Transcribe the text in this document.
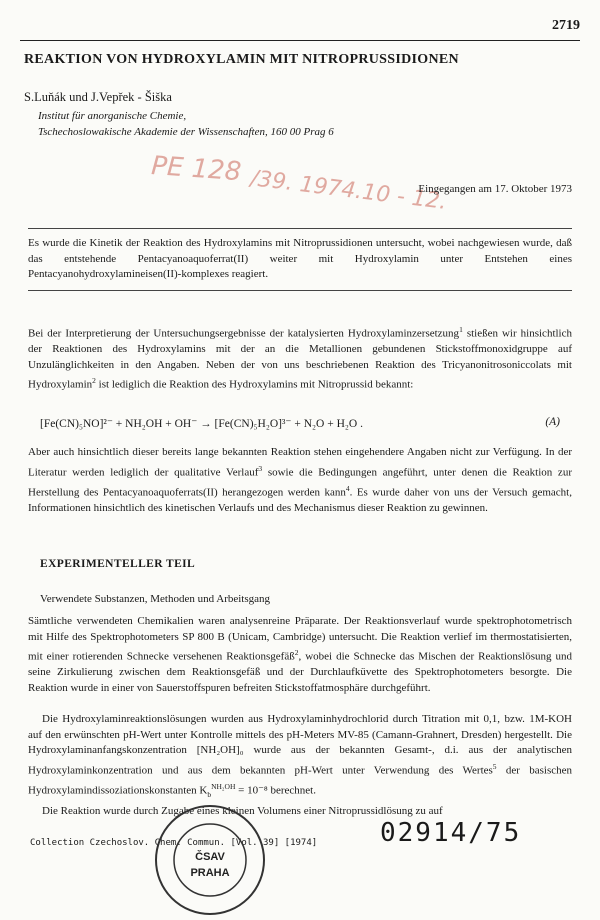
2719
REAKTION VON HYDROXYLAMIN MIT NITROPRUSSIDIONEN
S.Luňák und J.Vepřek - Šiška
Institut für anorganische Chemie,
Tschechoslowakische Akademie der Wissenschaften, 160 00 Prag 6
PE 128 /39. 1974.10 - 12.
Eingegangen am 17. Oktober 1973
Es wurde die Kinetik der Reaktion des Hydroxylamins mit Nitroprussidionen untersucht, wobei nachgewiesen wurde, daß das entstehende Pentacyanoaquoferrat(II) weiter mit Hydroxylamin unter Entstehen eines Pentacyanohydroxylamineisen(II)-komplexes reagiert.
Bei der Interpretierung der Untersuchungsergebnisse der katalysierten Hydroxylaminzersetzung$^1$ stießen wir hinsichtlich der Reaktionen des Hydroxylamins mit der an die Metallionen gebundenen Stickstoffmonoxidgruppe auf Unzulänglichkeiten in den Angaben. Neben der von uns beschriebenen Reaktion des Tricyanonitrosoniccolats mit Hydroxylamin$^2$ ist lediglich die Reaktion des Hydroxylamins mit Nitroprussid bekannt:
[Fe(CN)₅NO]²⁻ + NH₂OH + OH⁻ → [Fe(CN)₅H₂O]³⁻ + N₂O + H₂O .	(A)
Aber auch hinsichtlich dieser bereits lange bekannten Reaktion stehen eingehendere Angaben nicht zur Verfügung. In der Literatur werden lediglich der qualitative Verlauf$^3$ sowie die Bedingungen angeführt, unter denen die Reaktion zur Herstellung des Pentacyanoaquoferrats(II) herangezogen werden kann$^4$. Es wurde daher von uns der Versuch gemacht, Informationen hinsichtlich des kinetischen Verlaufs und des Mechanismus dieser Reaktion zu gewinnen.
EXPERIMENTELLER TEIL
Verwendete Substanzen, Methoden und Arbeitsgang
Sämtliche verwendeten Chemikalien waren analysenreine Präparate. Der Reaktionsverlauf wurde spektrophotometrisch mit Hilfe des Spektrophotometers SP 800 B (Unicam, Cambridge) untersucht. Die Reaktion verlief im thermostatisierten, mit einer rotierenden Schnecke versehenen Reaktionsgefäß$^2$, wobei die Schnecke das Mischen der Reaktionslösung und seine Zirkulierung zwischen dem Reaktionsgefäß und der Durchlaufküvette des Spektrophotometers besorgte. Die Reaktion wurde in einer von Sauerstoffspuren befreiten Stickstoffatmosphäre durchgeführt.
Die Hydroxylaminreaktionslösungen wurden aus Hydroxylaminhydrochlorid durch Titration mit 0,1, bzw. 1M-KOH auf den erwünschten pH-Wert unter Kontrolle mittels des pH-Meters MV-85 (Camann-Grahnert, Dresden) hergestellt. Die Hydroxylaminanfangskonzentration [NH₂OH]₀ wurde aus der bekannten Gesamt-, d.i. aus der analytischen Hydroxylaminkonzentration und aus dem bekannten pH-Wert unter Verwendung des Wertes$^5$ der basischen Hydroxylamindissoziationskonstanten $K_b^{NH_2OH} = 10^{-8}$ berechnet.
Die Reaktion wurde durch Zugabe eines kleinen Volumens einer Nitroprussidlösung zu auf
Collection Czechoslov. Chem. Commun. [Vol. 39] [1974]
ČSAV
PRAHA
02914/75
